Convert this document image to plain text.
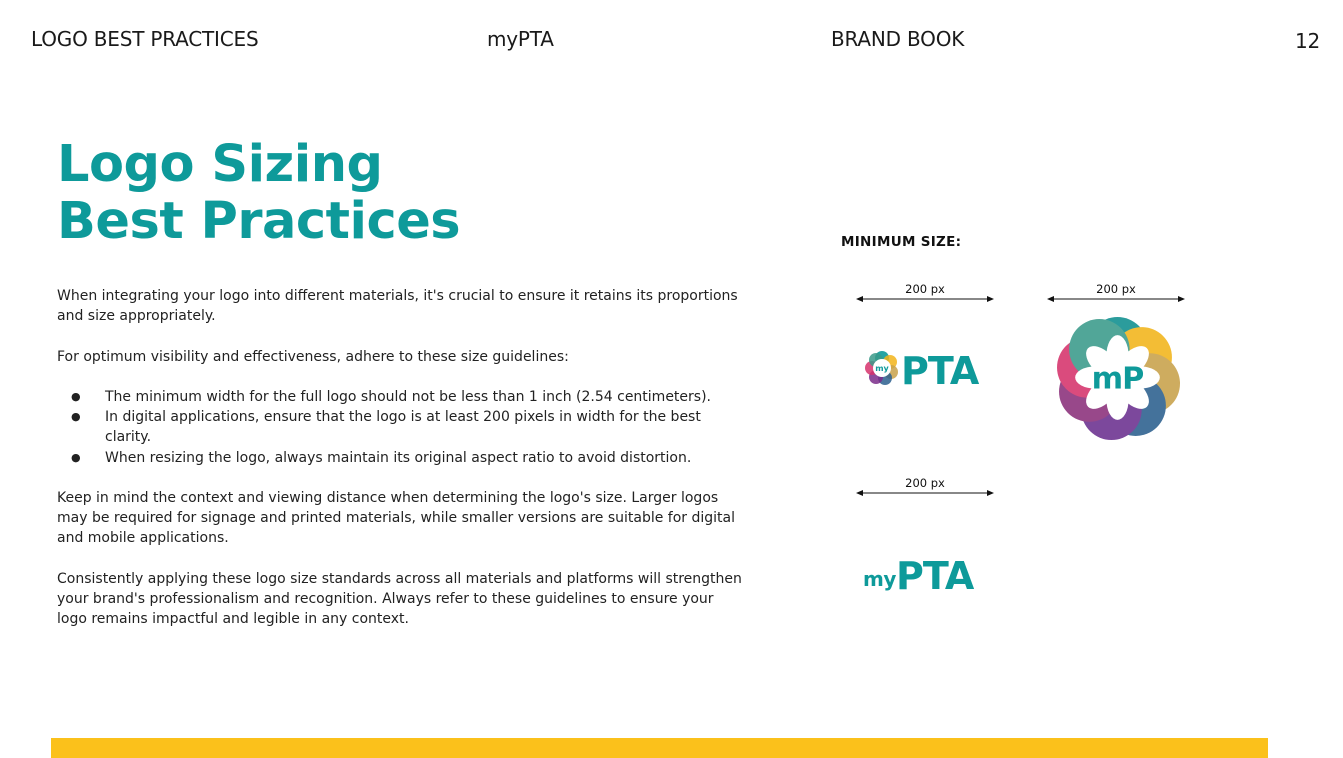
LOGO BEST PRACTICES	myPTA	BRAND BOOK	12
Logo Sizing
Best Practices

When integrating your logo into different materials, it's crucial to ensure it retains its proportions and size appropriately.

For optimum visibility and effectiveness, adhere to these size guidelines:

● The minimum width for the full logo should not be less than 1 inch (2.54 centimeters).
● In digital applications, ensure that the logo is at least 200 pixels in width for the best clarity.
● When resizing the logo, always maintain its original aspect ratio to avoid distortion.

Keep in mind the context and viewing distance when determining the logo's size. Larger logos may be required for signage and printed materials, while smaller versions are suitable for digital and mobile applications.

Consistently applying these logo size standards across all materials and platforms will strengthen your brand's professionalism and recognition. Always refer to these guidelines to ensure your logo remains impactful and legible in any context.

MINIMUM SIZE:
200 px	200 px
200 px
my PTA	mP
my PTA
